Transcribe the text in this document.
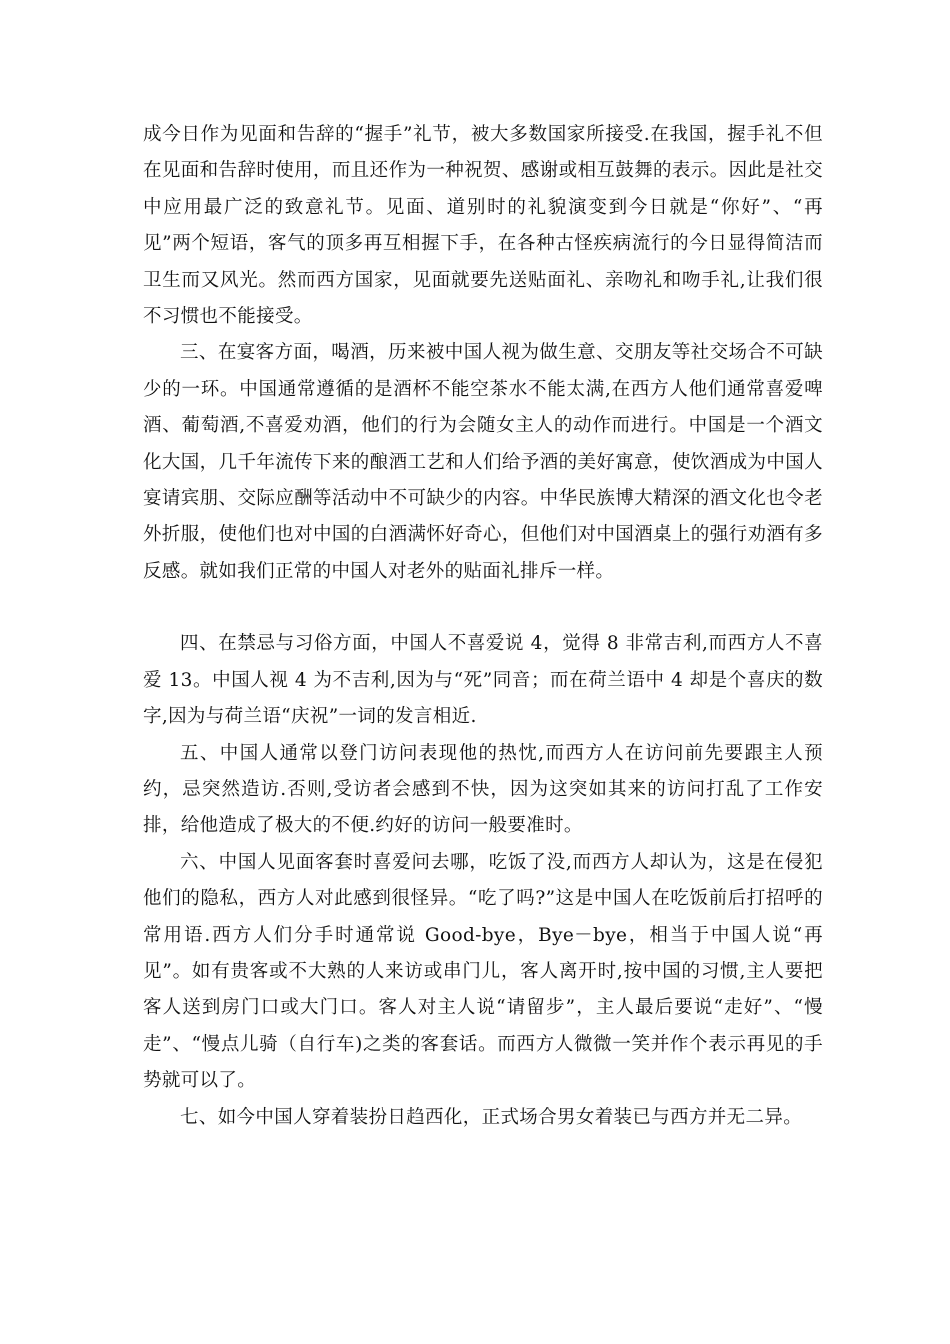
成今日作为见面和告辞的“握手”礼节，被大多数国家所接受.在我国，握手礼不但在见面和告辞时使用，而且还作为一种祝贺、感谢或相互鼓舞的表示。因此是社交中应用最广泛的致意礼节。见面、道别时的礼貌演变到今日就是“你好”、“再见”两个短语，客气的顶多再互相握下手，在各种古怪疾病流行的今日显得简洁而卫生而又风光。然而西方国家，见面就要先送贴面礼、亲吻礼和吻手礼,让我们很不习惯也不能接受。

三、在宴客方面，喝酒，历来被中国人视为做生意、交朋友等社交场合不可缺少的一环。中国通常遵循的是酒杯不能空茶水不能太满,在西方人他们通常喜爱啤酒、葡萄酒,不喜爱劝酒，他们的行为会随女主人的动作而进行。中国是一个酒文化大国，几千年流传下来的酿酒工艺和人们给予酒的美好寓意，使饮酒成为中国人宴请宾朋、交际应酬等活动中不可缺少的内容。中华民族博大精深的酒文化也令老外折服，使他们也对中国的白酒满怀好奇心，但他们对中国酒桌上的强行劝酒有多反感。就如我们正常的中国人对老外的贴面礼排斥一样。

四、在禁忌与习俗方面，中国人不喜爱说 4，觉得 8 非常吉利,而西方人不喜爱 13。中国人视 4 为不吉利,因为与“死”同音；而在荷兰语中 4 却是个喜庆的数字,因为与荷兰语“庆祝”一词的发言相近.

五、中国人通常以登门访问表现他的热忱,而西方人在访问前先要跟主人预约，忌突然造访.否则,受访者会感到不快，因为这突如其来的访问打乱了工作安排，给他造成了极大的不便.约好的访问一般要准时。

六、中国人见面客套时喜爱问去哪，吃饭了没,而西方人却认为，这是在侵犯他们的隐私，西方人对此感到很怪异。“吃了吗?”这是中国人在吃饭前后打招呼的常用语.西方人们分手时通常说 Good-bye，Bye－bye，相当于中国人说“再见”。如有贵客或不大熟的人来访或串门儿，客人离开时,按中国的习惯,主人要把客人送到房门口或大门口。客人对主人说“请留步”，主人最后要说“走好”、“慢走”、“慢点儿骑（自行车)之类的客套话。而西方人微微一笑并作个表示再见的手势就可以了。

七、如今中国人穿着装扮日趋西化，正式场合男女着装已与西方并无二异。
